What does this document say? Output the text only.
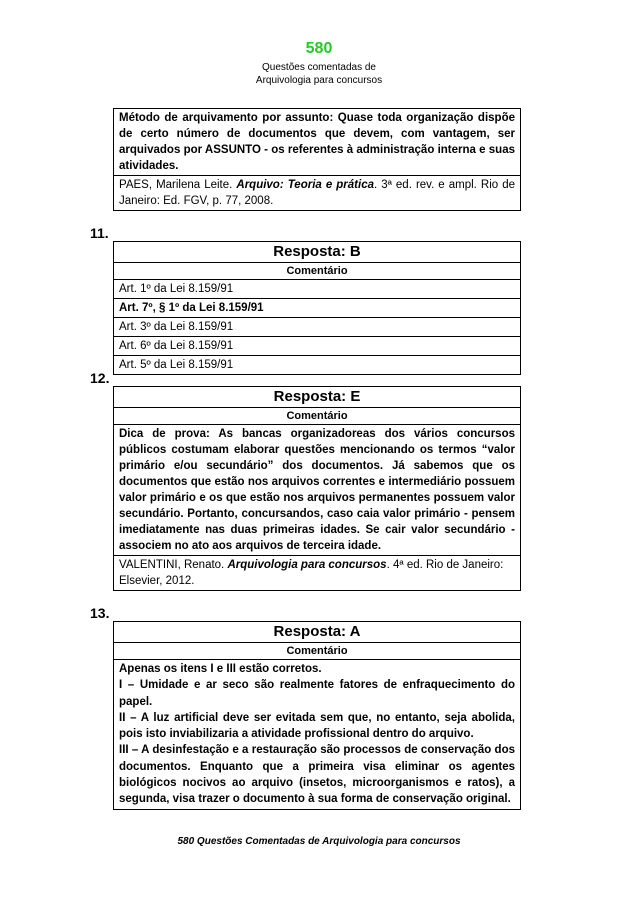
580
Questões comentadas de
Arquivologia para concursos
Método de arquivamento por assunto: Quase toda organização dispõe de certo número de documentos que devem, com vantagem, ser arquivados por ASSUNTO - os referentes à administração interna e suas atividades.
PAES, Marilena Leite. Arquivo: Teoria e prática. 3ª ed. rev. e ampl. Rio de Janeiro: Ed. FGV, p. 77, 2008.
11.
Resposta: B
Comentário
Art. 1º da Lei 8.159/91
Art. 7º, § 1º da Lei 8.159/91
Art. 3º da Lei 8.159/91
Art. 6º da Lei 8.159/91
Art. 5º da Lei 8.159/91
12.
Resposta: E
Comentário
Dica de prova: As bancas organizadoreas dos vários concursos públicos costumam elaborar questões mencionando os termos “valor primário e/ou secundário” dos documentos. Já sabemos que os documentos que estão nos arquivos correntes e intermediário possuem valor primário e os que estão nos arquivos permanentes possuem valor secundário. Portanto, concursandos, caso caia valor primário - pensem imediatamente nas duas primeiras idades. Se cair valor secundário - associem no ato aos arquivos de terceira idade.
VALENTINI, Renato. Arquivologia para concursos. 4ª ed. Rio de Janeiro: Elsevier, 2012.
13.
Resposta: A
Comentário
Apenas os itens I e III estão corretos.
I – Umidade e ar seco são realmente fatores de enfraquecimento do papel.
II – A luz artificial deve ser evitada sem que, no entanto, seja abolida, pois isto inviabilizaria a atividade profissional dentro do arquivo.
III – A desinfestação e a restauração são processos de conservação dos documentos. Enquanto que a primeira visa eliminar os agentes biológicos nocivos ao arquivo (insetos, microorganismos e ratos), a segunda, visa trazer o documento à sua forma de conservação original.
580 Questões Comentadas de Arquivologia para concursos
